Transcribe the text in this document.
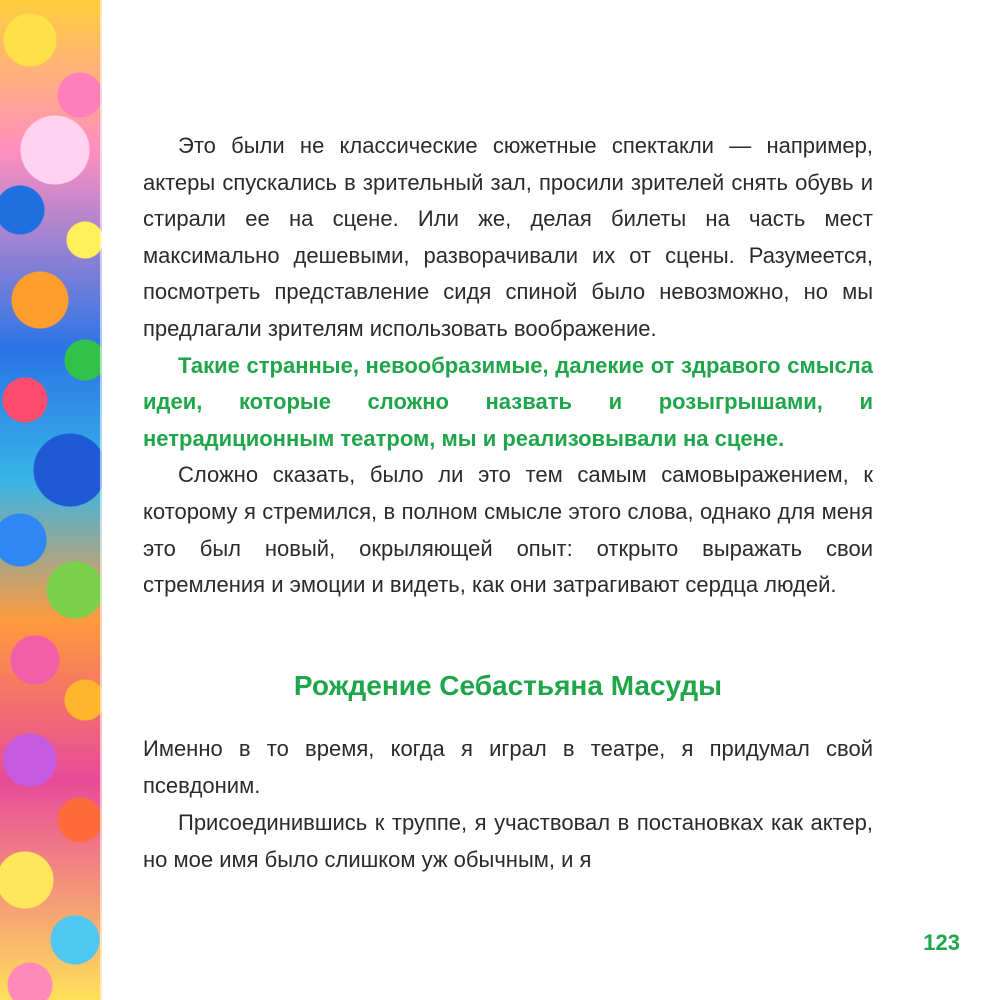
Это были не классические сюжетные спектакли — например, актеры спускались в зрительный зал, просили зрителей снять обувь и стирали ее на сцене. Или же, делая билеты на часть мест максимально дешевыми, разворачивали их от сцены. Разумеется, посмотреть представление сидя спиной было невозможно, но мы предлагали зрителям использовать воображение.

Такие странные, невообразимые, далекие от здравого смысла идеи, которые сложно назвать и розыгрышами, и нетрадиционным театром, мы и реализовывали на сцене.

Сложно сказать, было ли это тем самым самовыражением, к которому я стремился, в полном смысле этого слова, однако для меня это был новый, окрыляющей опыт: открыто выражать свои стремления и эмоции и видеть, как они затрагивают сердца людей.

Рождение Себастьяна Масуды

Именно в то время, когда я играл в театре, я придумал свой псевдоним.

Присоединившись к труппе, я участвовал в постановках как актер, но мое имя было слишком уж обычным, и я

123
